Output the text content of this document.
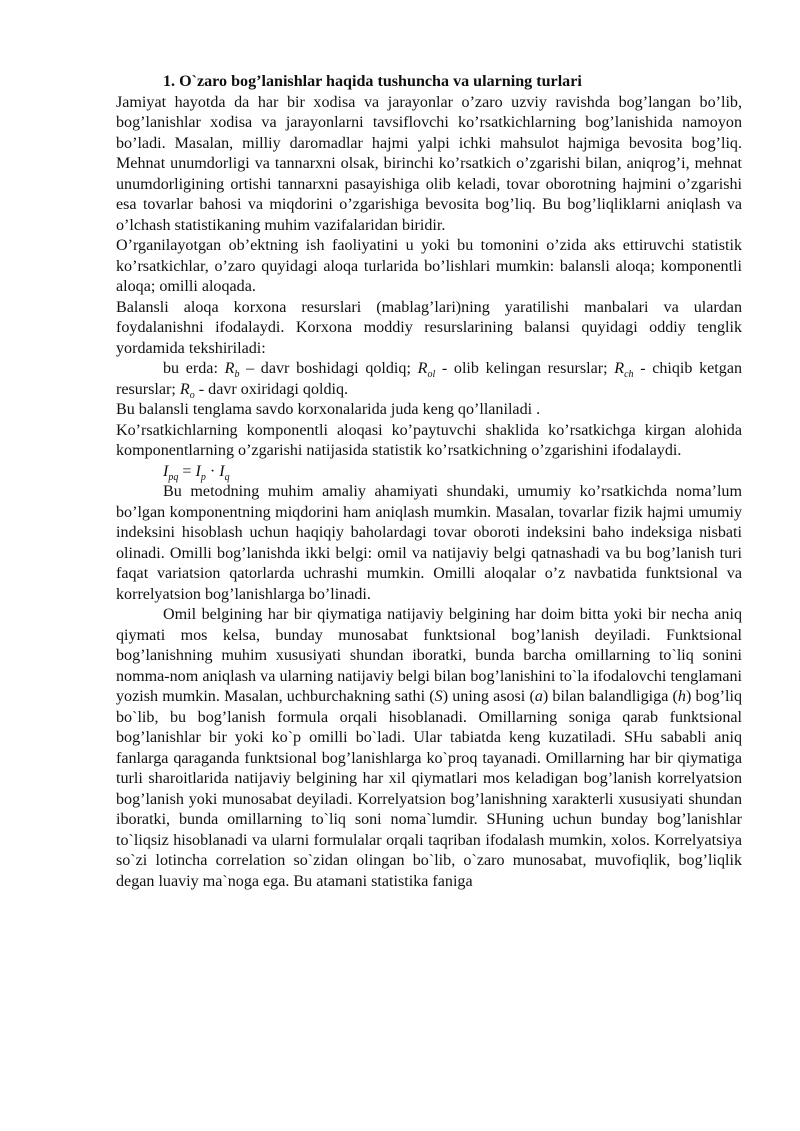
1. O`zaro bog’lanishlar haqida tushuncha va ularning turlari

Jamiyat hayotda da har bir xodisa va jarayonlar o’zaro uzviy ravishda bog’langan bo’lib, bog’lanishlar xodisa va jarayonlarni tavsiflovchi ko’rsatkichlarning bog’lanishida namoyon bo’ladi. Masalan, milliy daromadlar hajmi yalpi ichki mahsulot hajmiga bevosita bog’liq. Mehnat unumdorligi va tannarxni olsak, birinchi ko’rsatkich o’zgarishi bilan, aniqrog’i, mehnat unumdorligining ortishi tannarxni pasayishiga olib keladi, tovar oborotning hajmini o’zgarishi esa tovarlar bahosi va miqdorini o’zgarishiga bevosita bog’liq. Bu bog’liqliklarni aniqlash va o’lchash statistikaning muhim vazifalaridan biridir.

O’rganilayotgan ob’ektning ish faoliyatini u yoki bu tomonini o’zida aks ettiruvchi statistik ko’rsatkichlar, o’zaro quyidagi aloqa turlarida bo’lishlari mumkin: balansli aloqa; komponentli aloqa; omilli aloqada.

Balansli aloqa korxona resurslari (mablag’lari)ning yaratilishi manbalari va ulardan foydalanishni ifodalaydi. Korxona moddiy resurslarining balansi quyidagi oddiy tenglik yordamida tekshiriladi:

bu erda: $R_b$ – davr boshidagi qoldiq; $R_{ol}$ - olib kelingan resurslar; $R_{ch}$ - chiqib ketgan resurslar; $R_o$ - davr oxiridagi qoldiq.

Bu balansli tenglama savdo korxonalarida juda keng qo’llaniladi .

Ko’rsatkichlarning komponentli aloqasi ko’paytuvchi shaklida ko’rsatkichga kirgan alohida komponentlarning o’zgarishi natijasida statistik ko’rsatkichning o’zgarishini ifodalaydi.

$I_{pq} = I_p \cdot I_q$

Bu metodning muhim amaliy ahamiyati shundaki, umumiy ko’rsatkichda noma’lum bo’lgan komponentning miqdorini ham aniqlash mumkin. Masalan, tovarlar fizik hajmi umumiy indeksini hisoblash uchun haqiqiy baholardagi tovar oboroti indeksini baho indeksiga nisbati olinadi. Omilli bog’lanishda ikki belgi: omil va natijaviy belgi qatnashadi va bu bog’lanish turi faqat variatsion qatorlarda uchrashi mumkin. Omilli aloqalar o’z navbatida funktsional va korrelyatsion bog’lanishlarga bo’linadi.

Omil belgining har bir qiymatiga natijaviy belgining har doim bitta yoki bir necha aniq qiymati mos kelsa, bunday munosabat funktsional bog’lanish deyiladi. Funktsional bog’lanishning muhim xususiyati shundan iboratki, bunda barcha omillarning to`liq sonini nomma-nom aniqlash va ularning natijaviy belgi bilan bog’lanishini to`la ifodalovchi tenglamani yozish mumkin. Masalan, uchburchakning sathi (S) uning asosi (a) bilan balandligiga (h) bog’liq bo`lib, bu bog’lanish formula orqali hisoblanadi. Omillarning soniga qarab funktsional bog’lanishlar bir yoki ko`p omilli bo`ladi. Ular tabiatda keng kuzatiladi. SHu sababli aniq fanlarga qaraganda funktsional bog’lanishlarga ko`proq tayanadi. Omillarning har bir qiymatiga turli sharoitlarida natijaviy belgining har xil qiymatlari mos keladigan bog’lanish korrelyatsion bog’lanish yoki munosabat deyiladi. Korrelyatsion bog’lanishning xarakterli xususiyati shundan iboratki, bunda omillarning to`liq soni noma`lumdir. SHuning uchun bunday bog’lanishlar to`liqsiz hisoblanadi va ularni formulalar orqali taqriban ifodalash mumkin, xolos. Korrelyatsiya so`zi lotincha correlation so`zidan olingan bo`lib, o`zaro munosabat, muvofiqlik, bog’liqlik degan luaviy ma`noga ega. Bu atamani statistika faniga
